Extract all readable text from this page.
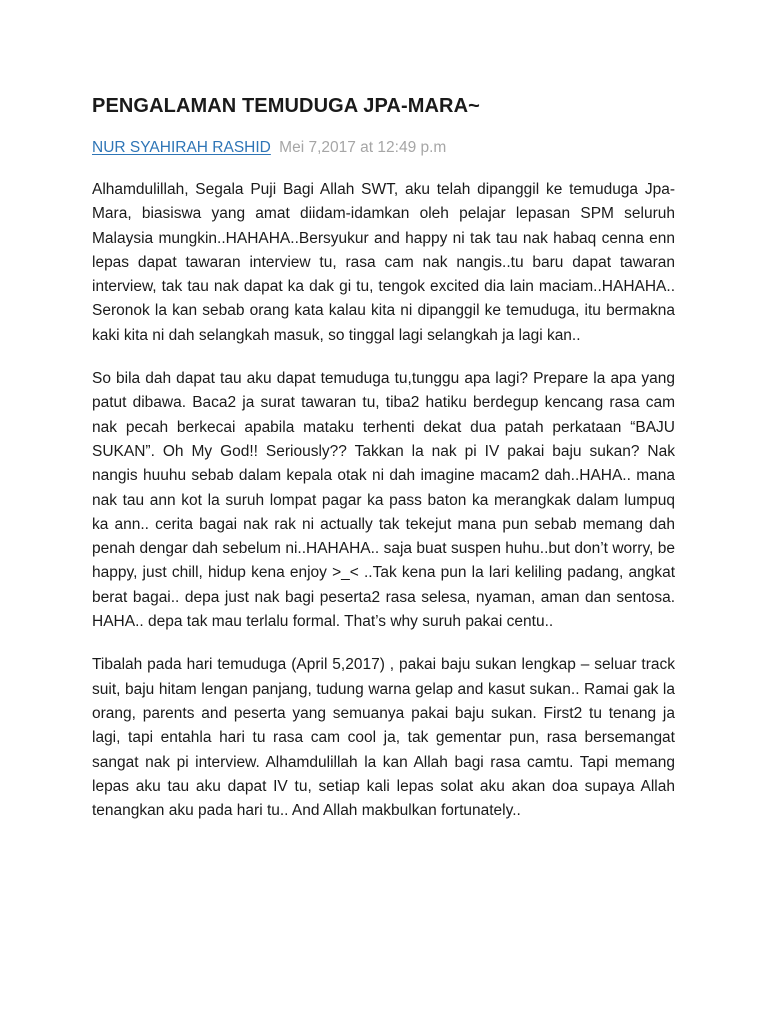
PENGALAMAN TEMUDUGA JPA-MARA~
NUR SYAHIRAH RASHID Mei 7,2017 at 12:49 p.m

Alhamdulillah, Segala Puji Bagi Allah SWT, aku telah dipanggil ke temuduga Jpa-Mara, biasiswa yang amat diidam-idamkan oleh pelajar lepasan SPM seluruh Malaysia mungkin..HAHAHA..Bersyukur and happy ni tak tau nak habaq cenna enn lepas dapat tawaran interview tu, rasa cam nak nangis..tu baru dapat tawaran interview, tak tau nak dapat ka dak gi tu, tengok excited dia lain maciam..HAHAHA.. Seronok la kan sebab orang kata kalau kita ni dipanggil ke temuduga, itu bermakna kaki kita ni dah selangkah masuk, so tinggal lagi selangkah ja lagi kan..

So bila dah dapat tau aku dapat temuduga tu,tunggu apa lagi? Prepare la apa yang patut dibawa. Baca2 ja surat tawaran tu, tiba2 hatiku berdegup kencang rasa cam nak pecah berkecai apabila mataku terhenti dekat dua patah perkataan “BAJU SUKAN”. Oh My God!! Seriously?? Takkan la nak pi IV pakai baju sukan? Nak nangis huuhu sebab dalam kepala otak ni dah imagine macam2 dah..HAHA.. mana nak tau ann kot la suruh lompat pagar ka pass baton ka merangkak dalam lumpuq ka ann.. cerita bagai nak rak ni actually tak tekejut mana pun sebab memang dah penah dengar dah sebelum ni..HAHAHA.. saja buat suspen huhu..but don’t worry, be happy, just chill, hidup kena enjoy >_< ..Tak kena pun la lari keliling padang, angkat berat bagai.. depa just nak bagi peserta2 rasa selesa, nyaman, aman dan sentosa. HAHA.. depa tak mau terlalu formal. That’s why suruh pakai centu..

Tibalah pada hari temuduga (April 5,2017) , pakai baju sukan lengkap – seluar track suit, baju hitam lengan panjang, tudung warna gelap and kasut sukan.. Ramai gak la orang, parents and peserta yang semuanya pakai baju sukan. First2 tu tenang ja lagi, tapi entahla hari tu rasa cam cool ja, tak gementar pun, rasa bersemangat sangat nak pi interview. Alhamdulillah la kan Allah bagi rasa camtu. Tapi memang lepas aku tau aku dapat IV tu, setiap kali lepas solat aku akan doa supaya Allah tenangkan aku pada hari tu.. And Allah makbulkan fortunately..
